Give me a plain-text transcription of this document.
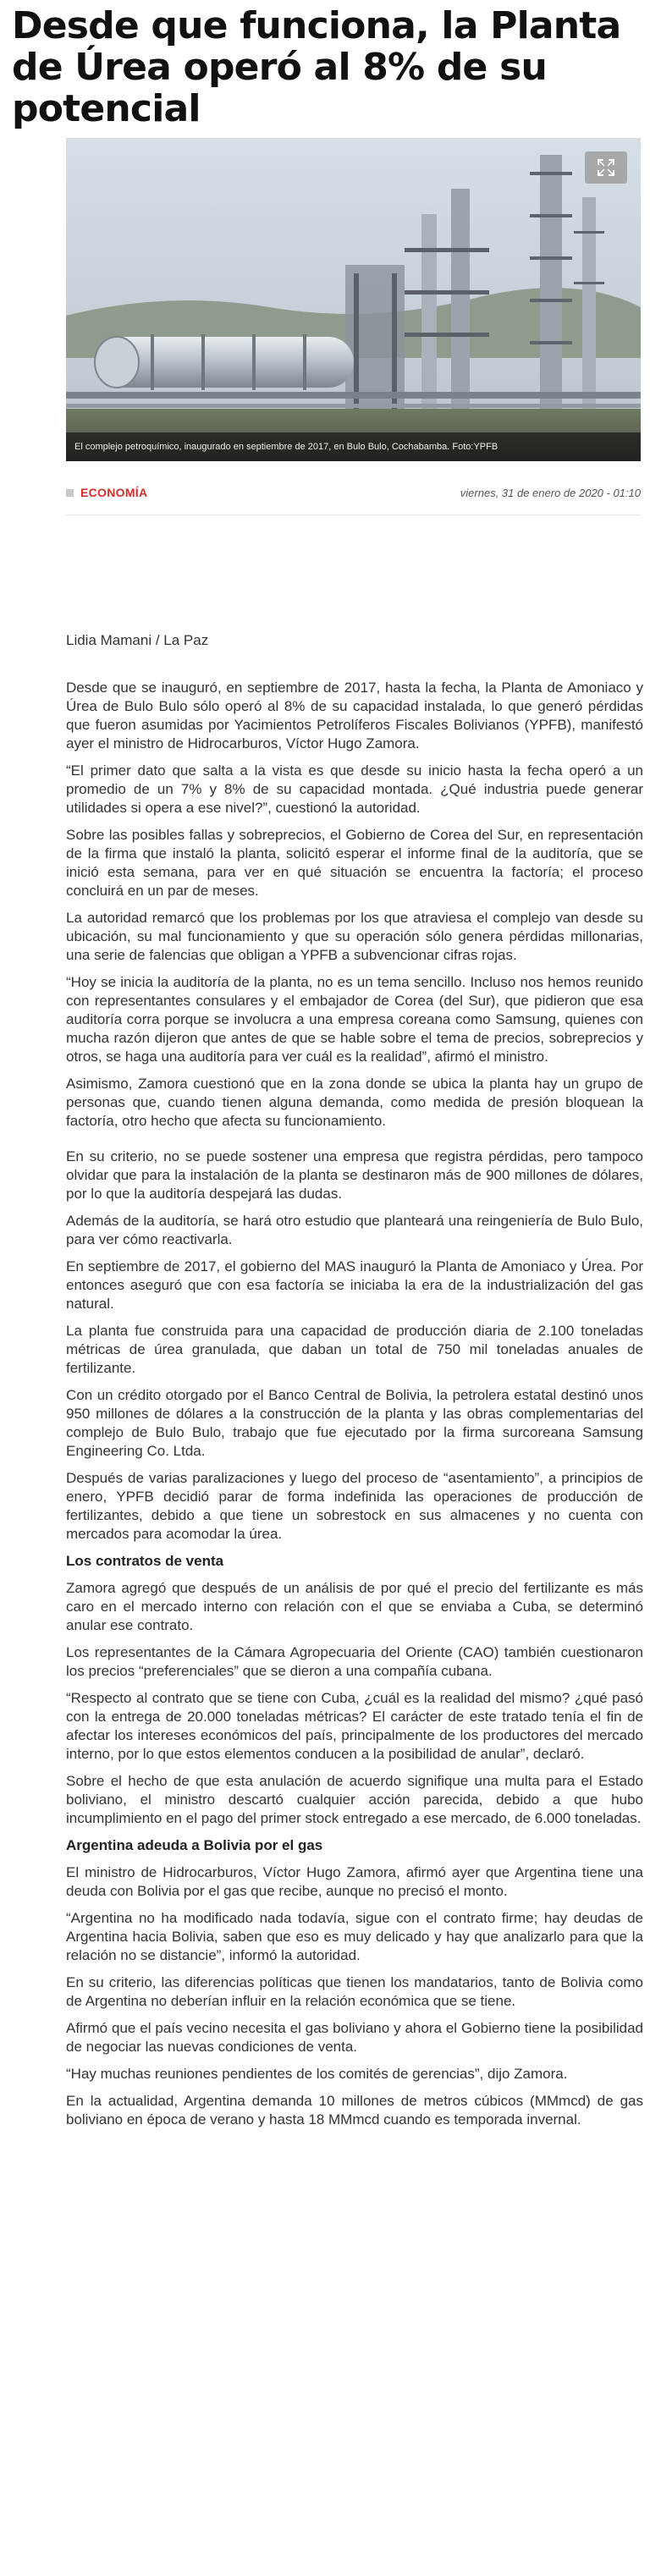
Desde que funciona, la Planta de Úrea operó al 8% de su potencial
El complejo petroquímico, inaugurado en septiembre de 2017, en Bulo Bulo, Cochabamba. Foto:YPFB
ECONOMÍA	viernes, 31 de enero de 2020 - 01:10

Lidia Mamani / La Paz

Desde que se inauguró, en septiembre de 2017, hasta la fecha, la Planta de Amoniaco y Úrea de Bulo Bulo sólo operó al 8% de su capacidad instalada, lo que generó pérdidas que fueron asumidas por Yacimientos Petrolíferos Fiscales Bolivianos (YPFB), manifestó ayer el ministro de Hidrocarburos, Víctor Hugo Zamora.

“El primer dato que salta a la vista es que desde su inicio hasta la fecha operó a un promedio de un 7% y 8% de su capacidad montada. ¿Qué industria puede generar utilidades si opera a ese nivel?”, cuestionó la autoridad.

Sobre las posibles fallas y sobreprecios, el Gobierno de Corea del Sur, en representación de la firma que instaló la planta, solicitó esperar el informe final de la auditoría, que se inició esta semana, para ver en qué situación se encuentra la factoría; el proceso concluirá en un par de meses.

La autoridad remarcó que los problemas por los que atraviesa el complejo van desde su ubicación, su mal funcionamiento y que su operación sólo genera pérdidas millonarias, una serie de falencias que obligan a YPFB a subvencionar cifras rojas.

“Hoy se inicia la auditoría de la planta, no es un tema sencillo. Incluso nos hemos reunido con representantes consulares y el embajador de Corea (del Sur), que pidieron que esa auditoría corra porque se involucra a una empresa coreana como Samsung, quienes con mucha razón dijeron que antes de que se hable sobre el tema de precios, sobreprecios y otros, se haga una auditoría para ver cuál es la realidad”, afirmó el ministro.

Asimismo, Zamora cuestionó que en la zona donde se ubica la planta hay un grupo de personas que, cuando tienen alguna demanda, como medida de presión bloquean la factoría, otro hecho que afecta su funcionamiento.

En su criterio, no se puede sostener una empresa que registra pérdidas, pero tampoco olvidar que para la instalación de la planta se destinaron más de 900 millones de dólares, por lo que la auditoría despejará las dudas.

Además de la auditoría, se hará otro estudio que planteará una reingeniería de Bulo Bulo, para ver cómo reactivarla.

En septiembre de 2017, el gobierno del MAS inauguró la Planta de Amoniaco y Úrea. Por entonces aseguró que con esa factoría se iniciaba la era de la industrialización del gas natural.

La planta fue construida para una capacidad de producción diaria de 2.100 toneladas métricas de úrea granulada, que daban un total de 750 mil toneladas anuales de fertilizante.

Con un crédito otorgado por el Banco Central de Bolivia, la petrolera estatal destinó unos 950 millones de dólares a la construcción de la planta y las obras complementarias del complejo de Bulo Bulo, trabajo que fue ejecutado por la firma surcoreana Samsung Engineering Co. Ltda.

Después de varias paralizaciones y luego del proceso de “asentamiento”, a principios de enero, YPFB decidió parar de forma indefinida las operaciones de producción de fertilizantes, debido a que tiene un sobrestock en sus almacenes y no cuenta con mercados para acomodar la úrea.

Los contratos de venta

Zamora agregó que después de un análisis de por qué el precio del fertilizante es más caro en el mercado interno con relación con el que se enviaba a Cuba, se determinó anular ese contrato.

Los representantes de la Cámara Agropecuaria del Oriente (CAO) también cuestionaron los precios “preferenciales” que se dieron a una compañía cubana.

“Respecto al contrato que se tiene con Cuba, ¿cuál es la realidad del mismo? ¿qué pasó con la entrega de 20.000 toneladas métricas? El carácter de este tratado tenía el fin de afectar los intereses económicos del país, principalmente de los productores del mercado interno, por lo que estos elementos conducen a la posibilidad de anular”, declaró.

Sobre el hecho de que esta anulación de acuerdo signifique una multa para el Estado boliviano, el ministro descartó cualquier acción parecida, debido a que hubo incumplimiento en el pago del primer stock entregado a ese mercado, de 6.000 toneladas.

Argentina adeuda a Bolivia por el gas

El ministro de Hidrocarburos, Víctor Hugo Zamora, afirmó ayer que Argentina tiene una deuda con Bolivia por el gas que recibe, aunque no precisó el monto.

“Argentina no ha modificado nada todavía, sigue con el contrato firme; hay deudas de Argentina hacia Bolivia, saben que eso es muy delicado y hay que analizarlo para que la relación no se distancie”, informó la autoridad.

En su criterio, las diferencias políticas que tienen los mandatarios, tanto de Bolivia como de Argentina no deberían influir en la relación económica que se tiene.

Afirmó que el país vecino necesita el gas boliviano y ahora el Gobierno tiene la posibilidad de negociar las nuevas condiciones de venta.

“Hay muchas reuniones pendientes de los comités de gerencias”, dijo Zamora.

En la actualidad, Argentina demanda 10 millones de metros cúbicos (MMmcd) de gas boliviano en época de verano y hasta 18 MMmcd cuando es temporada invernal.
